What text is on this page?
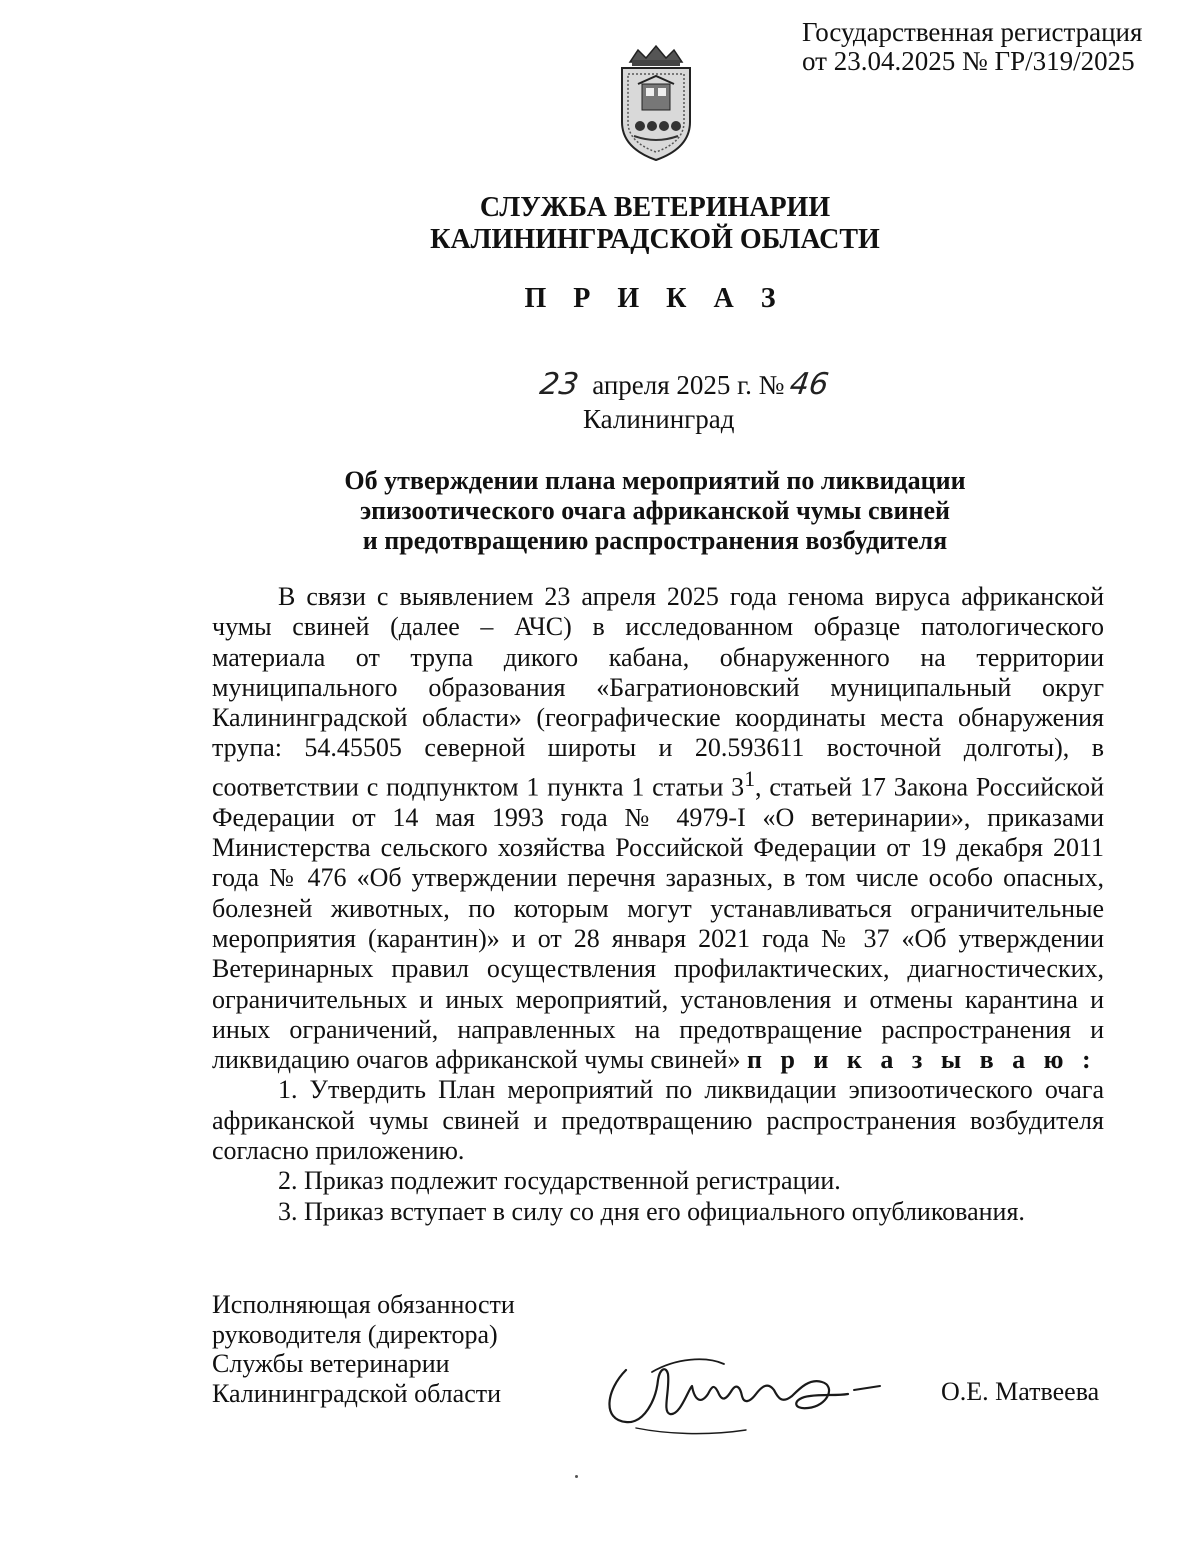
Государственная регистрация
от 23.04.2025 № ГР/319/2025
СЛУЖБА ВЕТЕРИНАРИИ
КАЛИНИНГРАДСКОЙ ОБЛАСТИ
П Р И К А З
23 апреля 2025 г. № 46
Калининград
Об утверждении плана мероприятий по ликвидации
эпизоотического очага африканской чумы свиней
и предотвращению распространения возбудителя

В связи с выявлением 23 апреля 2025 года генома вируса африканской чумы свиней (далее – АЧС) в исследованном образце патологического материала от трупа дикого кабана, обнаруженного на территории муниципального образования «Багратионовский муниципальный округ Калининградской области» (географические координаты места обнаружения трупа: 54.45505 северной широты и 20.593611 восточной долготы), в соответствии с подпунктом 1 пункта 1 статьи $3^1$, статьей 17 Закона Российской Федерации от 14 мая 1993 года № 4979-I «О ветеринарии», приказами Министерства сельского хозяйства Российской Федерации от 19 декабря 2011 года № 476 «Об утверждении перечня заразных, в том числе особо опасных, болезней животных, по которым могут устанавливаться ограничительные мероприятия (карантин)» и от 28 января 2021 года № 37 «Об утверждении Ветеринарных правил осуществления профилактических, диагностических, ограничительных и иных мероприятий, установления и отмены карантина и иных ограничений, направленных на предотвращение распространения и ликвидацию очагов африканской чумы свиней» п р и к а з ы в а ю :

1. Утвердить План мероприятий по ликвидации эпизоотического очага африканской чумы свиней и предотвращению распространения возбудителя согласно приложению.

2. Приказ подлежит государственной регистрации.

3. Приказ вступает в силу со дня его официального опубликования.

Исполняющая обязанности
руководителя (директора)
Службы ветеринарии
Калининградской области	О.Е. Матвеева
